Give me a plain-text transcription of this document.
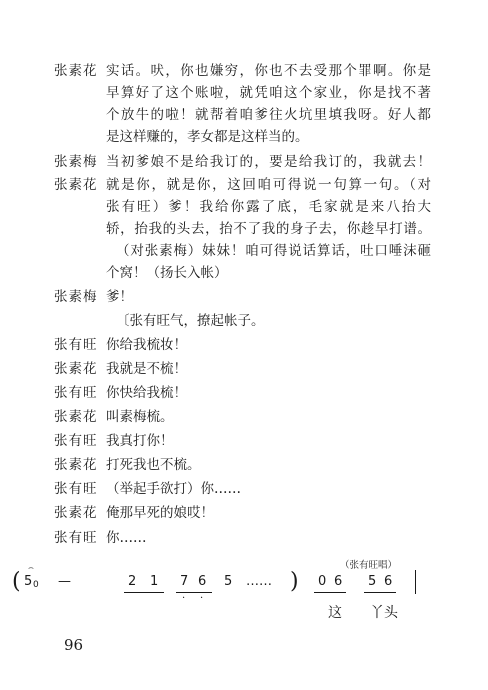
张素花 实话。吠，你也嫌穷，你也不去受那个罪啊。你是
早算好了这个账啦，就凭咱这个家业，你是找不著
个放牛的啦！就帮着咱爹往火坑里填我呀。好人都
是这样赚的，孝女都是这样当的。
张素梅 当初爹娘不是给我订的，要是给我订的，我就去！
张素花 就是你，就是你，这回咱可得说一句算一句。（对
张有旺）爹！我给你露了底，毛家就是来八抬大
轿，抬我的头去，抬不了我的身子去，你趁早打谱。
（对张素梅）妹妹！咱可得说话算话，吐口唾沫砸
个窝！（扬长入帐）
张素梅 爹！
〔张有旺气，撩起帐子。
张有旺 你给我梳妆！
张素花 我就是不梳！
张有旺 你快给我梳！
张素花 叫素梅梳。
张有旺 我真打你！
张素花 打死我也不梳。
张有旺 （举起手欲打）你……
张素花 俺那早死的娘哎！
张有旺 你……
(
⌢
5 0 —	2 1 7 6
· ·
5 …… )
（张有旺唱）
0 6 5 6
这 丫头
96
